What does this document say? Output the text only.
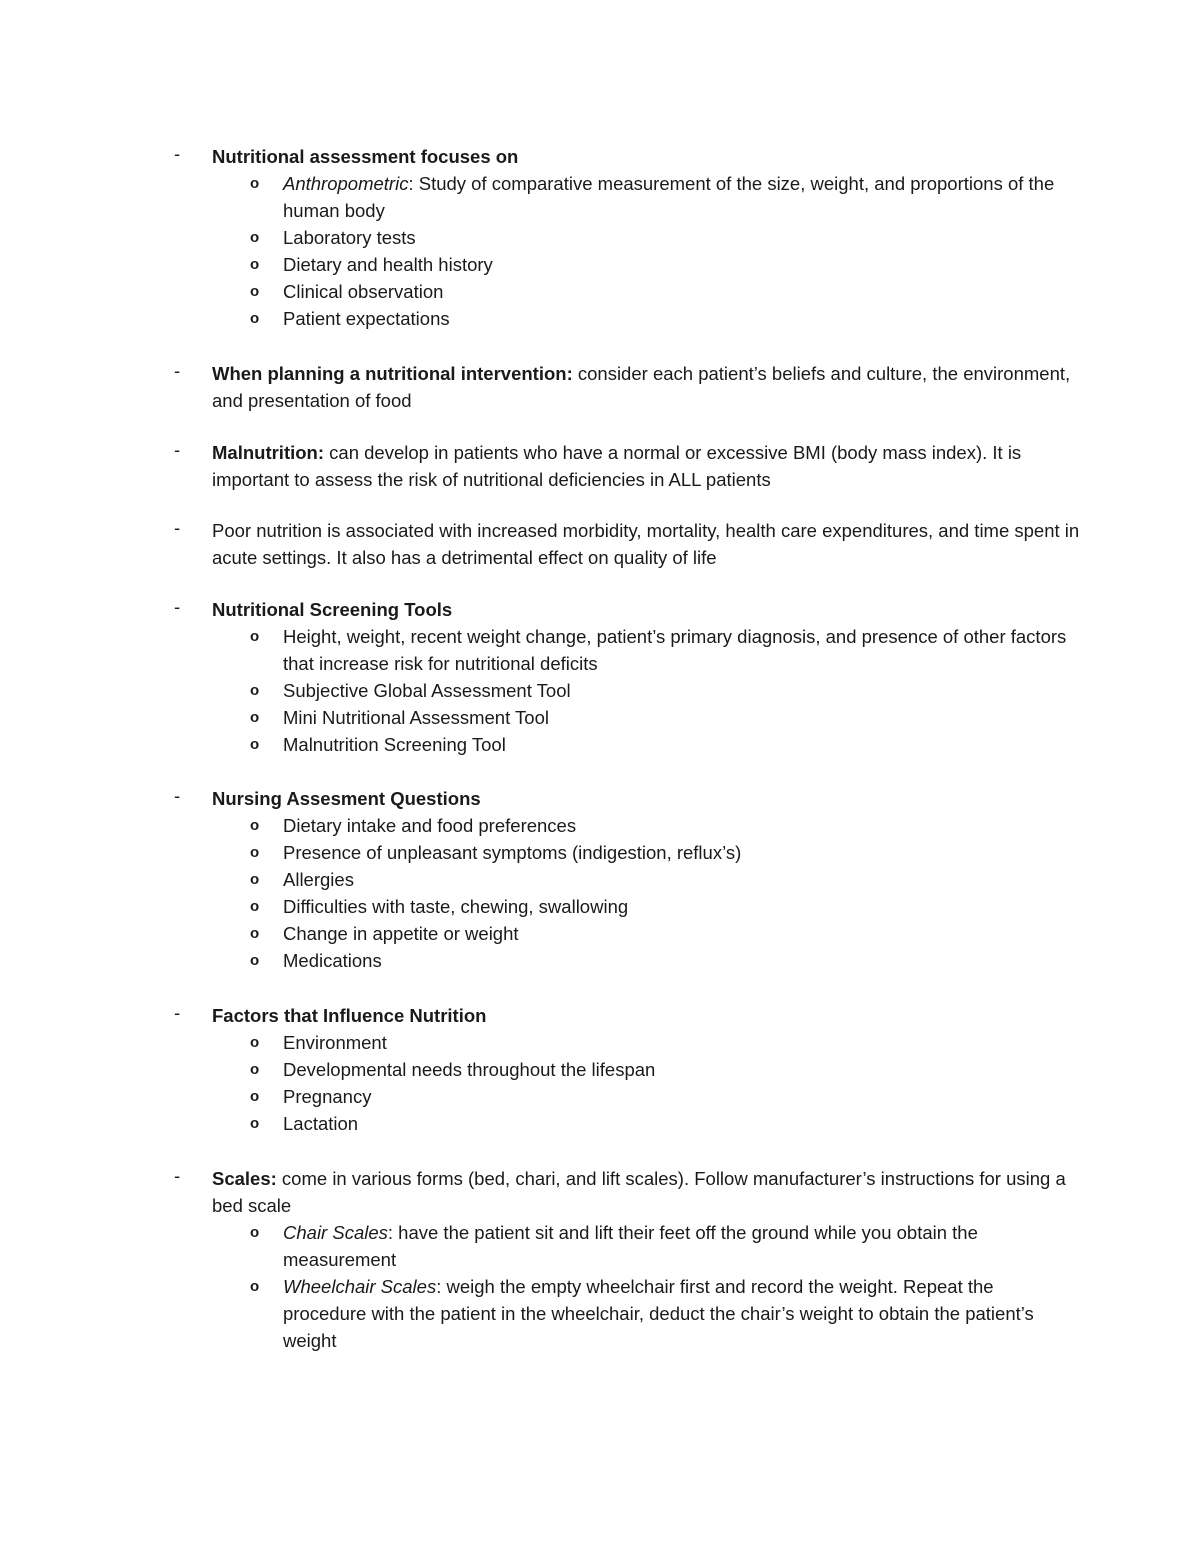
-	Nutritional assessment focuses on
o Anthropometric: Study of comparative measurement of the size, weight, and proportions of the human body
o Laboratory tests
o Dietary and health history
o Clinical observation
o Patient expectations
-	When planning a nutritional intervention: consider each patient’s beliefs and culture, the environment, and presentation of food
-	Malnutrition: can develop in patients who have a normal or excessive BMI (body mass index). It is important to assess the risk of nutritional deficiencies in ALL patients
-	Poor nutrition is associated with increased morbidity, mortality, health care expenditures, and time spent in acute settings. It also has a detrimental effect on quality of life
-	Nutritional Screening Tools
o Height, weight, recent weight change, patient’s primary diagnosis, and presence of other factors that increase risk for nutritional deficits
o Subjective Global Assessment Tool
o Mini Nutritional Assessment Tool
o Malnutrition Screening Tool
-	Nursing Assesment Questions
o Dietary intake and food preferences
o Presence of unpleasant symptoms (indigestion, reflux’s)
o Allergies
o Difficulties with taste, chewing, swallowing
o Change in appetite or weight
o Medications
-	Factors that Influence Nutrition
o Environment
o Developmental needs throughout the lifespan
o Pregnancy
o Lactation
-	Scales: come in various forms (bed, chari, and lift scales). Follow manufacturer’s instructions for using a bed scale
o Chair Scales: have the patient sit and lift their feet off the ground while you obtain the measurement
o Wheelchair Scales: weigh the empty wheelchair first and record the weight. Repeat the procedure with the patient in the wheelchair, deduct the chair’s weight to obtain the patient’s weight
